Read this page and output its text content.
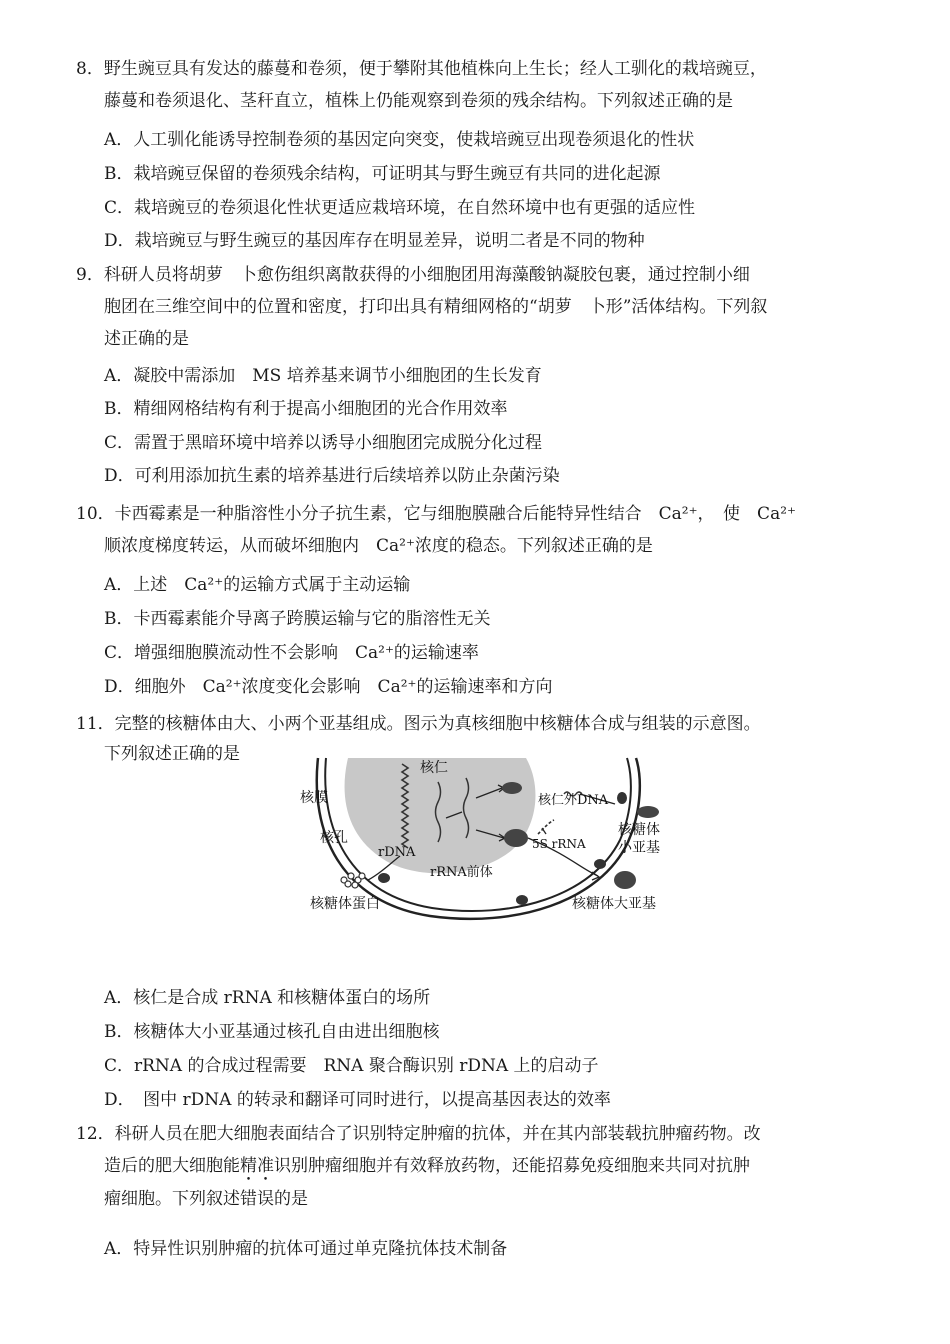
8．野生豌豆具有发达的藤蔓和卷须，便于攀附其他植株向上生长；经人工驯化的栽培豌豆，
藤蔓和卷须退化、茎秆直立，植株上仍能观察到卷须的残余结构。下列叙述正确的是
A．人工驯化能诱导控制卷须的基因定向突变，使栽培豌豆出现卷须退化的性状
B．栽培豌豆保留的卷须残余结构，可证明其与野生豌豆有共同的进化起源
C．栽培豌豆的卷须退化性状更适应栽培环境，在自然环境中也有更强的适应性
D．栽培豌豆与野生豌豆的基因库存在明显差异，说明二者是不同的物种
9．科研人员将胡萝　卜愈伤组织离散获得的小细胞团用海藻酸钠凝胶包裹，通过控制小细
胞团在三维空间中的位置和密度，打印出具有精细网格的“胡萝　卜形”活体结构。下列叙
述正确的是
A．凝胶中需添加　MS 培养基来调节小细胞团的生长发育
B．精细网格结构有利于提高小细胞团的光合作用效率
C．需置于黑暗环境中培养以诱导小细胞团完成脱分化过程
D．可利用添加抗生素的培养基进行后续培养以防止杂菌污染
10．卡西霉素是一种脂溶性小分子抗生素，它与细胞膜融合后能特异性结合　Ca²⁺，　使　Ca²⁺
顺浓度梯度转运，从而破坏细胞内　Ca²⁺浓度的稳态。下列叙述正确的是
A．上述　Ca²⁺的运输方式属于主动运输
B．卡西霉素能介导离子跨膜运输与它的脂溶性无关
C．增强细胞膜流动性不会影响　Ca²⁺的运输速率
D．细胞外　Ca²⁺浓度变化会影响　Ca²⁺的运输速率和方向
11．完整的核糖体由大、小两个亚基组成。图示为真核细胞中核糖体合成与组装的示意图。
下列叙述正确的是
核仁
核膜	核仁外DNA
核孔	核糖体
小亚基
5S rRNA
rDNA
rRNA前体
核糖体蛋白	核糖体大亚基
A．核仁是合成 rRNA 和核糖体蛋白的场所
B．核糖体大小亚基通过核孔自由进出细胞核
C．rRNA 的合成过程需要　RNA 聚合酶识别 rDNA 上的启动子
D．　图中 rDNA 的转录和翻译可同时进行，以提高基因表达的效率
12．科研人员在肥大细胞表面结合了识别特定肿瘤的抗体，并在其内部装载抗肿瘤药物。改
造后的肥大细胞能精准识别肿瘤细胞并有效释放药物，还能招募免疫细胞来共同对抗肿
瘤细胞。下列叙述错误的是
A．特异性识别肿瘤的抗体可通过单克隆抗体技术制备
